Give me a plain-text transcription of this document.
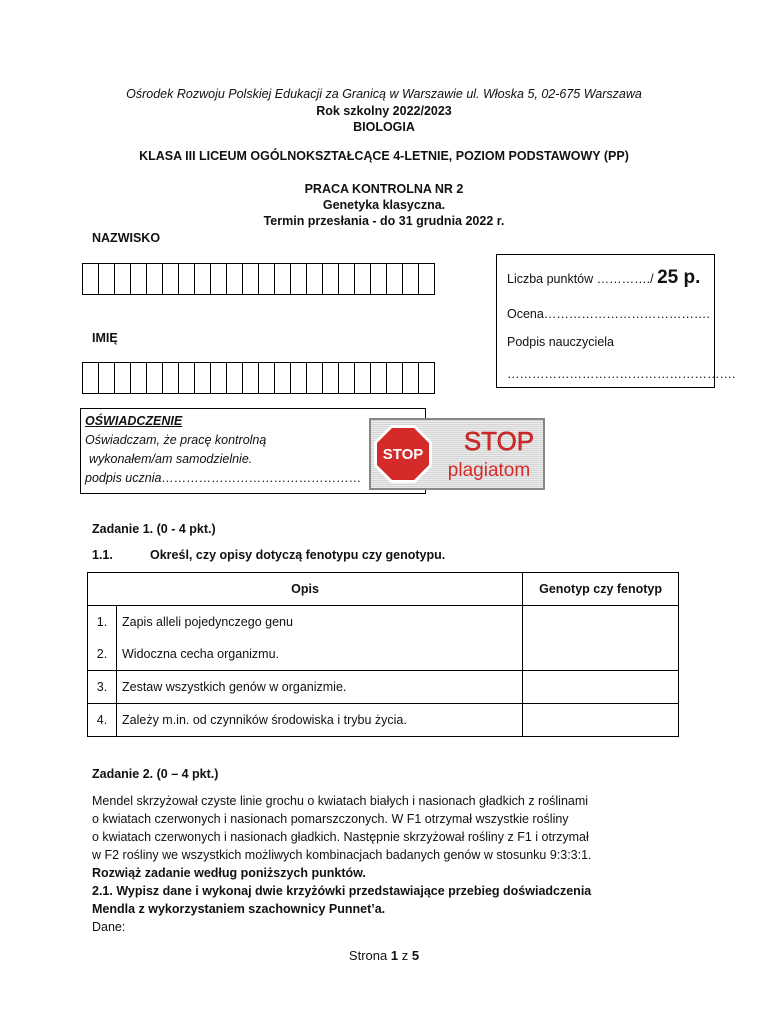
Ośrodek Rozwoju Polskiej Edukacji za Granicą w Warszawie ul. Włoska 5, 02-675 Warszawa
Rok szkolny 2022/2023
BIOLOGIA
KLASA III LICEUM OGÓLNOKSZTAŁCĄCE 4-LETNIE, POZIOM PODSTAWOWY (PP)
PRACA KONTROLNA NR 2
Genetyka klasyczna.
Termin przesłania - do 31 grudnia 2022 r.
NAZWISKO
IMIĘ
Liczba punktów …………./ 25 p.
Ocena………………………………….
Podpis nauczyciela
……………………………………………….
OŚWIADCZENIE
Oświadczam, że pracę kontrolną
wykonałem/am samodzielnie.
podpis ucznia…………………………………………
STOP STOP
plagiatom
Zadanie 1. (0 - 4 pkt.)
1.1.	Określ, czy opisy dotyczą fenotypu czy genotypu.
Opis		Genotyp czy fenotyp
1.	Zapis alleli pojedynczego genu	
2.	Widoczna cecha organizmu.	
3.	Zestaw wszystkich genów w organizmie.	
4.	Zależy m.in. od czynników środowiska i trybu życia.	
Zadanie 2. (0 – 4 pkt.)
Mendel skrzyżował czyste linie grochu o kwiatach białych i nasionach gładkich z roślinami
o kwiatach czerwonych i nasionach pomarszczonych. W F1 otrzymał wszystkie rośliny
o kwiatach czerwonych i nasionach gładkich. Następnie skrzyżował rośliny z F1 i otrzymał
w F2 rośliny we wszystkich możliwych kombinacjach badanych genów w stosunku 9:3:3:1.
Rozwiąż zadanie według poniższych punktów.
2.1. Wypisz dane i wykonaj dwie krzyżówki przedstawiające przebieg doświadczenia
Mendla z wykorzystaniem szachownicy Punnet’a.
Dane:
Strona 1 z 5
